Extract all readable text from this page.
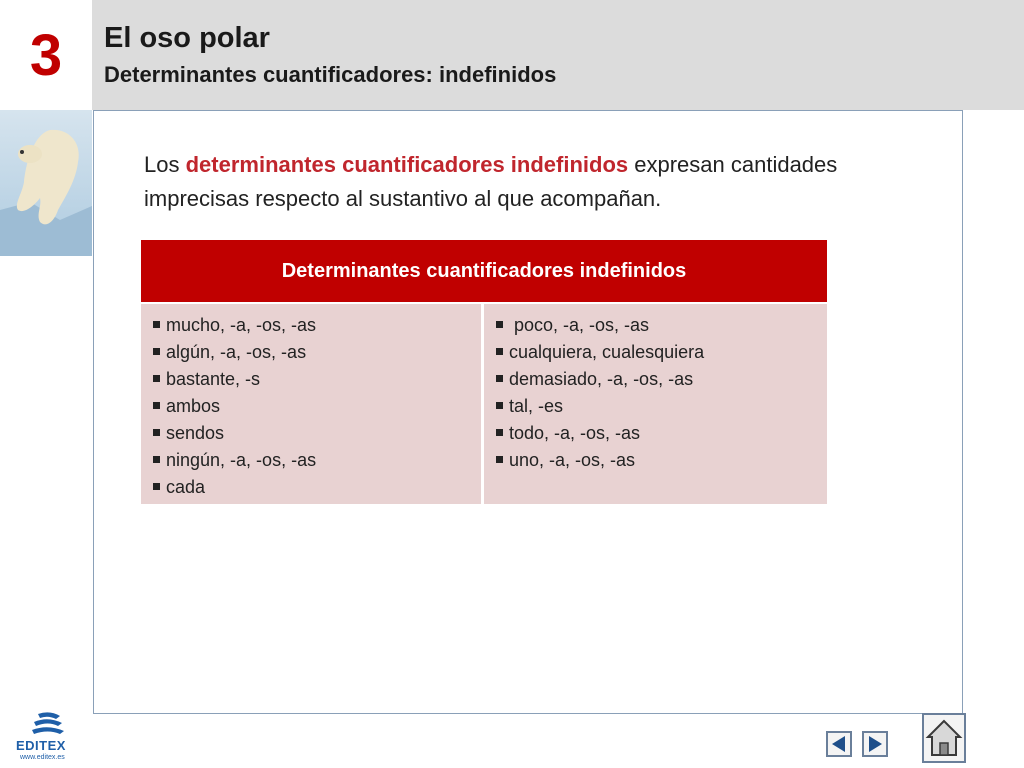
3	El oso polar
Determinantes cuantificadores: indefinidos
Los determinantes cuantificadores indefinidos expresan cantidades imprecisas respecto al sustantivo al que acompañan.
Determinantes cuantificadores indefinidos
mucho, -a, -os, -as
algún, -a, -os, -as
bastante, -s
ambos
sendos
ningún, -a, -os, -as
cada
poco, -a, -os, -as
cualquiera, cualesquiera
demasiado, -a, -os, -as
tal, -es
todo, -a, -os, -as
uno, -a, -os, -as
EDITEX
www.editex.es
